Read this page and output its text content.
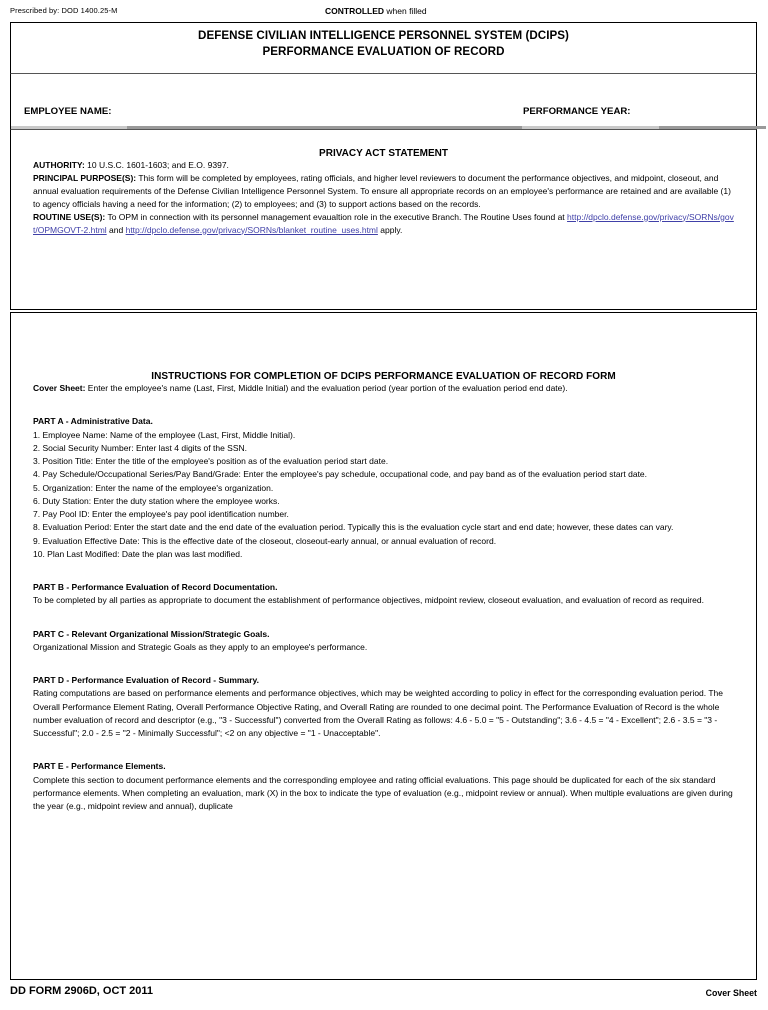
Prescribed by: DOD 1400.25-M	CONTROLLED when filled
DEFENSE CIVILIAN INTELLIGENCE PERSONNEL SYSTEM (DCIPS)
PERFORMANCE EVALUATION OF RECORD
EMPLOYEE NAME:	PERFORMANCE YEAR:
PRIVACY ACT STATEMENT

AUTHORITY: 10 U.S.C. 1601-1603; and E.O. 9397.

PRINCIPAL PURPOSE(S): This form will be completed by employees, rating officials, and higher level reviewers to document the performance objectives, and midpoint, closeout, and annual evaluation requirements of the Defense Civilian Intelligence Personnel System. To ensure all appropriate records on an employee's performance are retained and are available (1) to agency officials having a need for the information; (2) to employees; and (3) to support actions based on the records.

ROUTINE USE(S): To OPM in connection with its personnel management evaualtion role in the executive Branch. The Routine Uses found at http://dpclo.defense.gov/privacy/SORNs/govt/OPMGOVT-2.html and http://dpclo.defense.gov/privacy/SORNs/blanket_routine_uses.html apply.

INSTRUCTIONS FOR COMPLETION OF DCIPS PERFORMANCE EVALUATION OF RECORD FORM

Cover Sheet: Enter the employee's name (Last, First, Middle Initial) and the evaluation period (year portion of the evaluation period end date).

PART A - Administrative Data.

1. Employee Name: Name of the employee (Last, First, Middle Initial).

2. Social Security Number: Enter last 4 digits of the SSN.

3. Position Title: Enter the title of the employee's position as of the evaluation period start date.

4. Pay Schedule/Occupational Series/Pay Band/Grade: Enter the employee's pay schedule, occupational code, and pay band as of the evaluation period start date.

5. Organization: Enter the name of the employee's organization.

6. Duty Station: Enter the duty station where the employee works.

7. Pay Pool ID: Enter the employee's pay pool identification number.

8. Evaluation Period: Enter the start date and the end date of the evaluation period. Typically this is the evaluation cycle start and end date; however, these dates can vary.

9. Evaluation Effective Date: This is the effective date of the closeout, closeout-early annual, or annual evaluation of record.

10. Plan Last Modified: Date the plan was last modified.

PART B - Performance Evaluation of Record Documentation.

To be completed by all parties as appropriate to document the establishment of performance objectives, midpoint review, closeout evaluation, and evaluation of record as required.

PART C - Relevant Organizational Mission/Strategic Goals.

Organizational Mission and Strategic Goals as they apply to an employee's performance.

PART D - Performance Evaluation of Record - Summary.

Rating computations are based on performance elements and performance objectives, which may be weighted according to policy in effect for the corresponding evaluation period. The Overall Performance Element Rating, Overall Performance Objective Rating, and Overall Rating are rounded to one decimal point. The Performance Evaluation of Record is the whole number evaluation of record and descriptor (e.g., "3 - Successful") converted from the Overall Rating as follows: 4.6 - 5.0 = "5 - Outstanding"; 3.6 - 4.5 = "4 - Excellent"; 2.6 - 3.5 = "3 - Successful"; 2.0 - 2.5 = "2 - Minimally Successful"; <2 on any objective = "1 - Unacceptable".

PART E - Performance Elements.

Complete this section to document performance elements and the corresponding employee and rating official evaluations. This page should be duplicated for each of the six standard performance elements. When completing an evaluation, mark (X) in the box to indicate the type of evaluation (e.g., midpoint review or annual). When multiple evaluations are given during the year (e.g., midpoint review and annual), duplicate

DD FORM 2906D, OCT 2011	Cover Sheet
